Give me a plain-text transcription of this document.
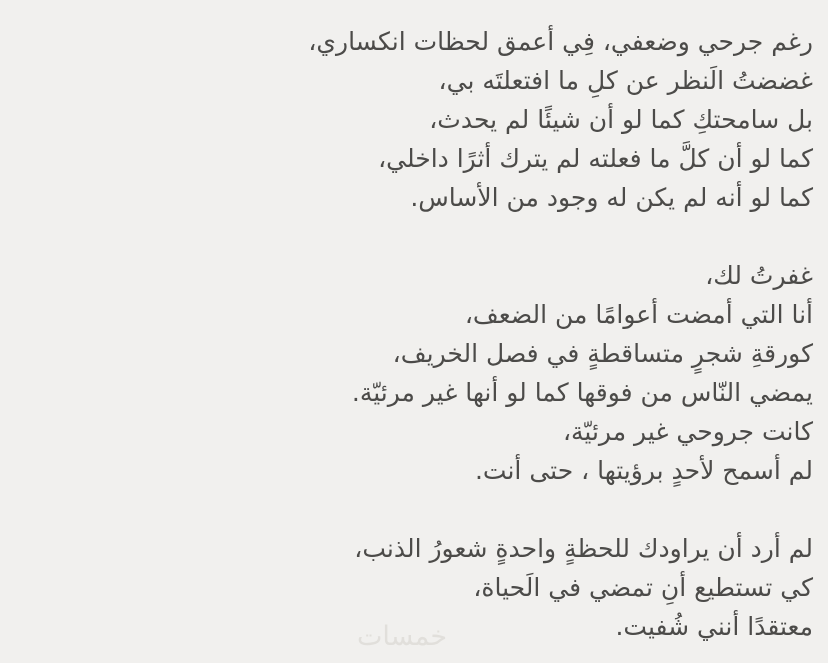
رغم جرحي وضعفي، فِي أعمق لحظات انكساري،
غضضتُ الَنظر عن كلِ ما افتعلتَه بي،
بل سامحتكِ كما لو أن شيئًا لم يحدث،
كما لو أن كلَّ ما فعلته لم يترك أثرًا داخلي،
كما لو أنه لم يكن له وجود من الأساس.
غفرتُ لك،
أنا التي أمضت أعوامًا من الضعف،
كورقةِ شجرٍ متساقطةٍ في فصل الخريف،
يمضي النّاس من فوقها كما لو أنها غير مرئيّة.
كانت جروحي غير مرئيّة،
لم أسمح لأحدٍ برؤيتها ، حتى أنت.
لم أرد أن يراودك للحظةٍ واحدةٍ شعورُ الذنب،
كي تستطيع أنِ تمضي في الَحياة،
معتقدًا أنني شُفيت.
خمسات
